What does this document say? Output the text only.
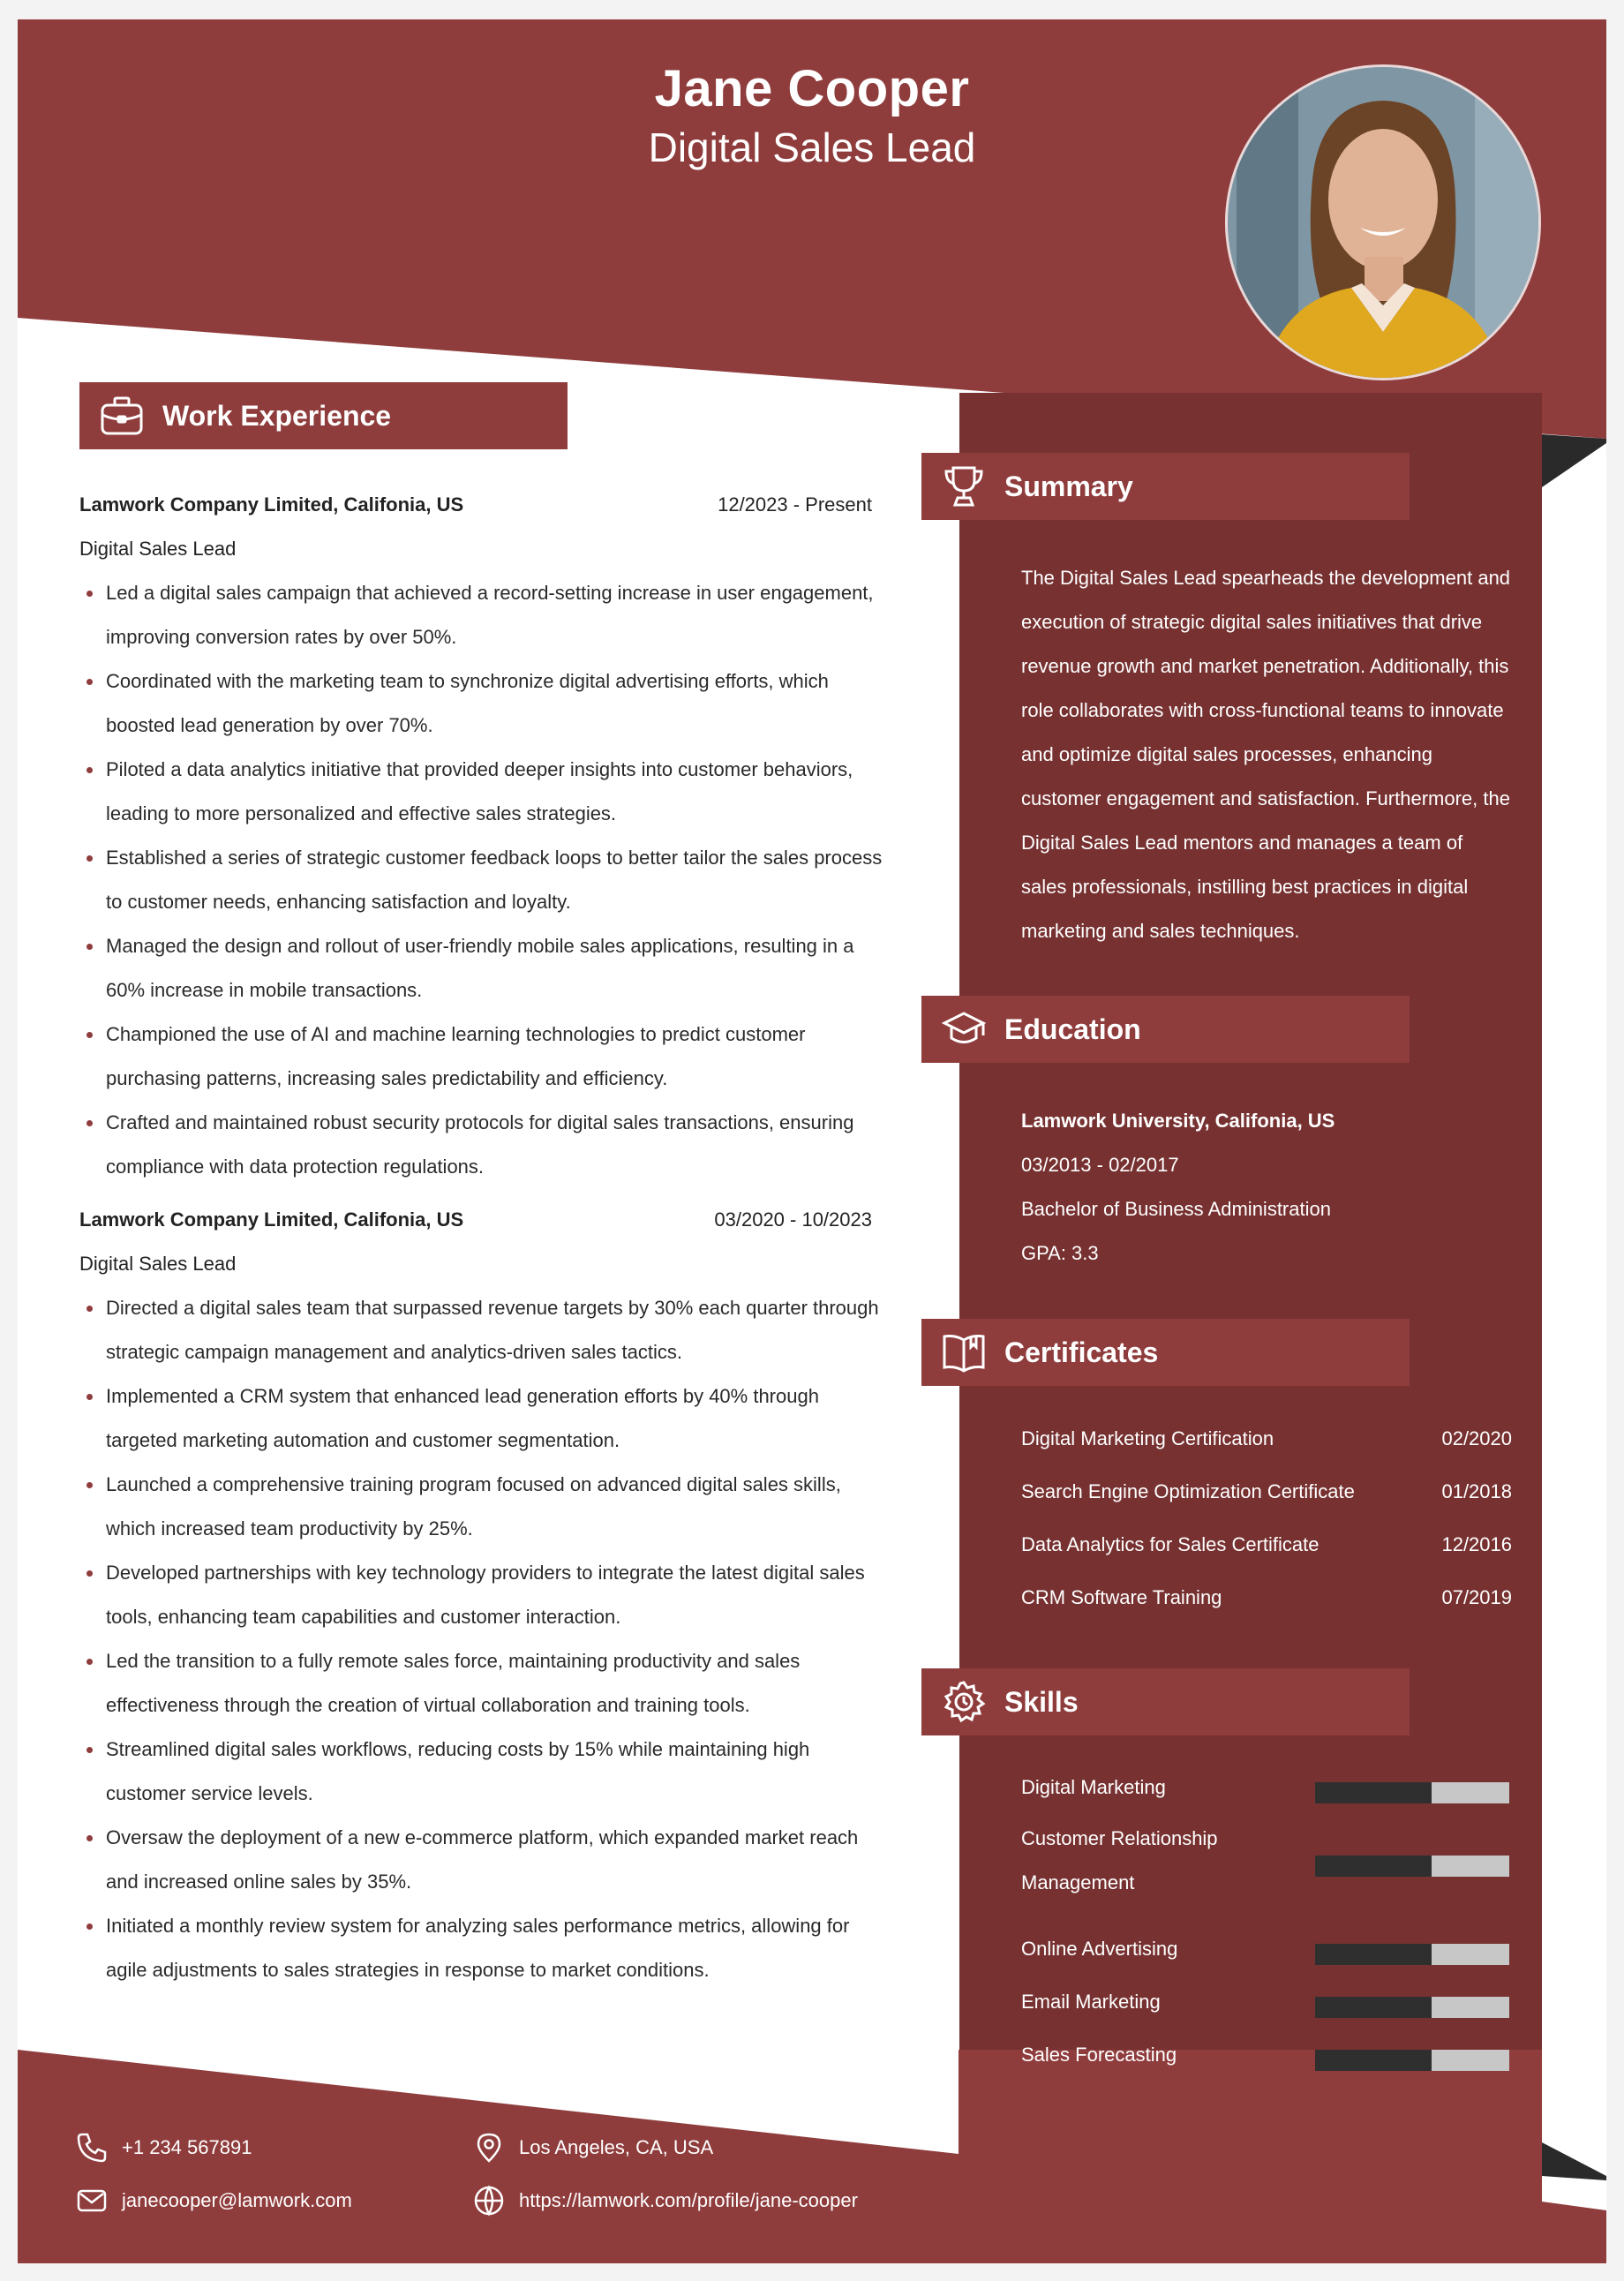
Jane Cooper
Digital Sales Lead
Work Experience
Lamwork Company Limited, Califonia, US	12/2023 - Present
Digital Sales Lead
Led a digital sales campaign that achieved a record-setting increase in user engagement, improving conversion rates by over 50%.
Coordinated with the marketing team to synchronize digital advertising efforts, which boosted lead generation by over 70%.
Piloted a data analytics initiative that provided deeper insights into customer behaviors, leading to more personalized and effective sales strategies.
Established a series of strategic customer feedback loops to better tailor the sales process to customer needs, enhancing satisfaction and loyalty.
Managed the design and rollout of user-friendly mobile sales applications, resulting in a 60% increase in mobile transactions.
Championed the use of AI and machine learning technologies to predict customer purchasing patterns, increasing sales predictability and efficiency.
Crafted and maintained robust security protocols for digital sales transactions, ensuring compliance with data protection regulations.
Lamwork Company Limited, Califonia, US	03/2020 - 10/2023
Digital Sales Lead
Directed a digital sales team that surpassed revenue targets by 30% each quarter through strategic campaign management and analytics-driven sales tactics.
Implemented a CRM system that enhanced lead generation efforts by 40% through targeted marketing automation and customer segmentation.
Launched a comprehensive training program focused on advanced digital sales skills, which increased team productivity by 25%.
Developed partnerships with key technology providers to integrate the latest digital sales tools, enhancing team capabilities and customer interaction.
Led the transition to a fully remote sales force, maintaining productivity and sales effectiveness through the creation of virtual collaboration and training tools.
Streamlined digital sales workflows, reducing costs by 15% while maintaining high customer service levels.
Oversaw the deployment of a new e-commerce platform, which expanded market reach and increased online sales by 35%.
Initiated a monthly review system for analyzing sales performance metrics, allowing for agile adjustments to sales strategies in response to market conditions.
Summary
The Digital Sales Lead spearheads the development and execution of strategic digital sales initiatives that drive revenue growth and market penetration. Additionally, this role collaborates with cross-functional teams to innovate and optimize digital sales processes, enhancing customer engagement and satisfaction. Furthermore, the Digital Sales Lead mentors and manages a team of sales professionals, instilling best practices in digital marketing and sales techniques.
Education
Lamwork University, Califonia, US
03/2013 - 02/2017
Bachelor of Business Administration
GPA: 3.3
Certificates
Digital Marketing Certification	02/2020
Search Engine Optimization Certificate	01/2018
Data Analytics for Sales Certificate	12/2016
CRM Software Training	07/2019
Skills
Digital Marketing
Customer Relationship Management
Online Advertising
Email Marketing
Sales Forecasting
+1 234 567891
janecooper@lamwork.com
Los Angeles, CA, USA
https://lamwork.com/profile/jane-cooper
